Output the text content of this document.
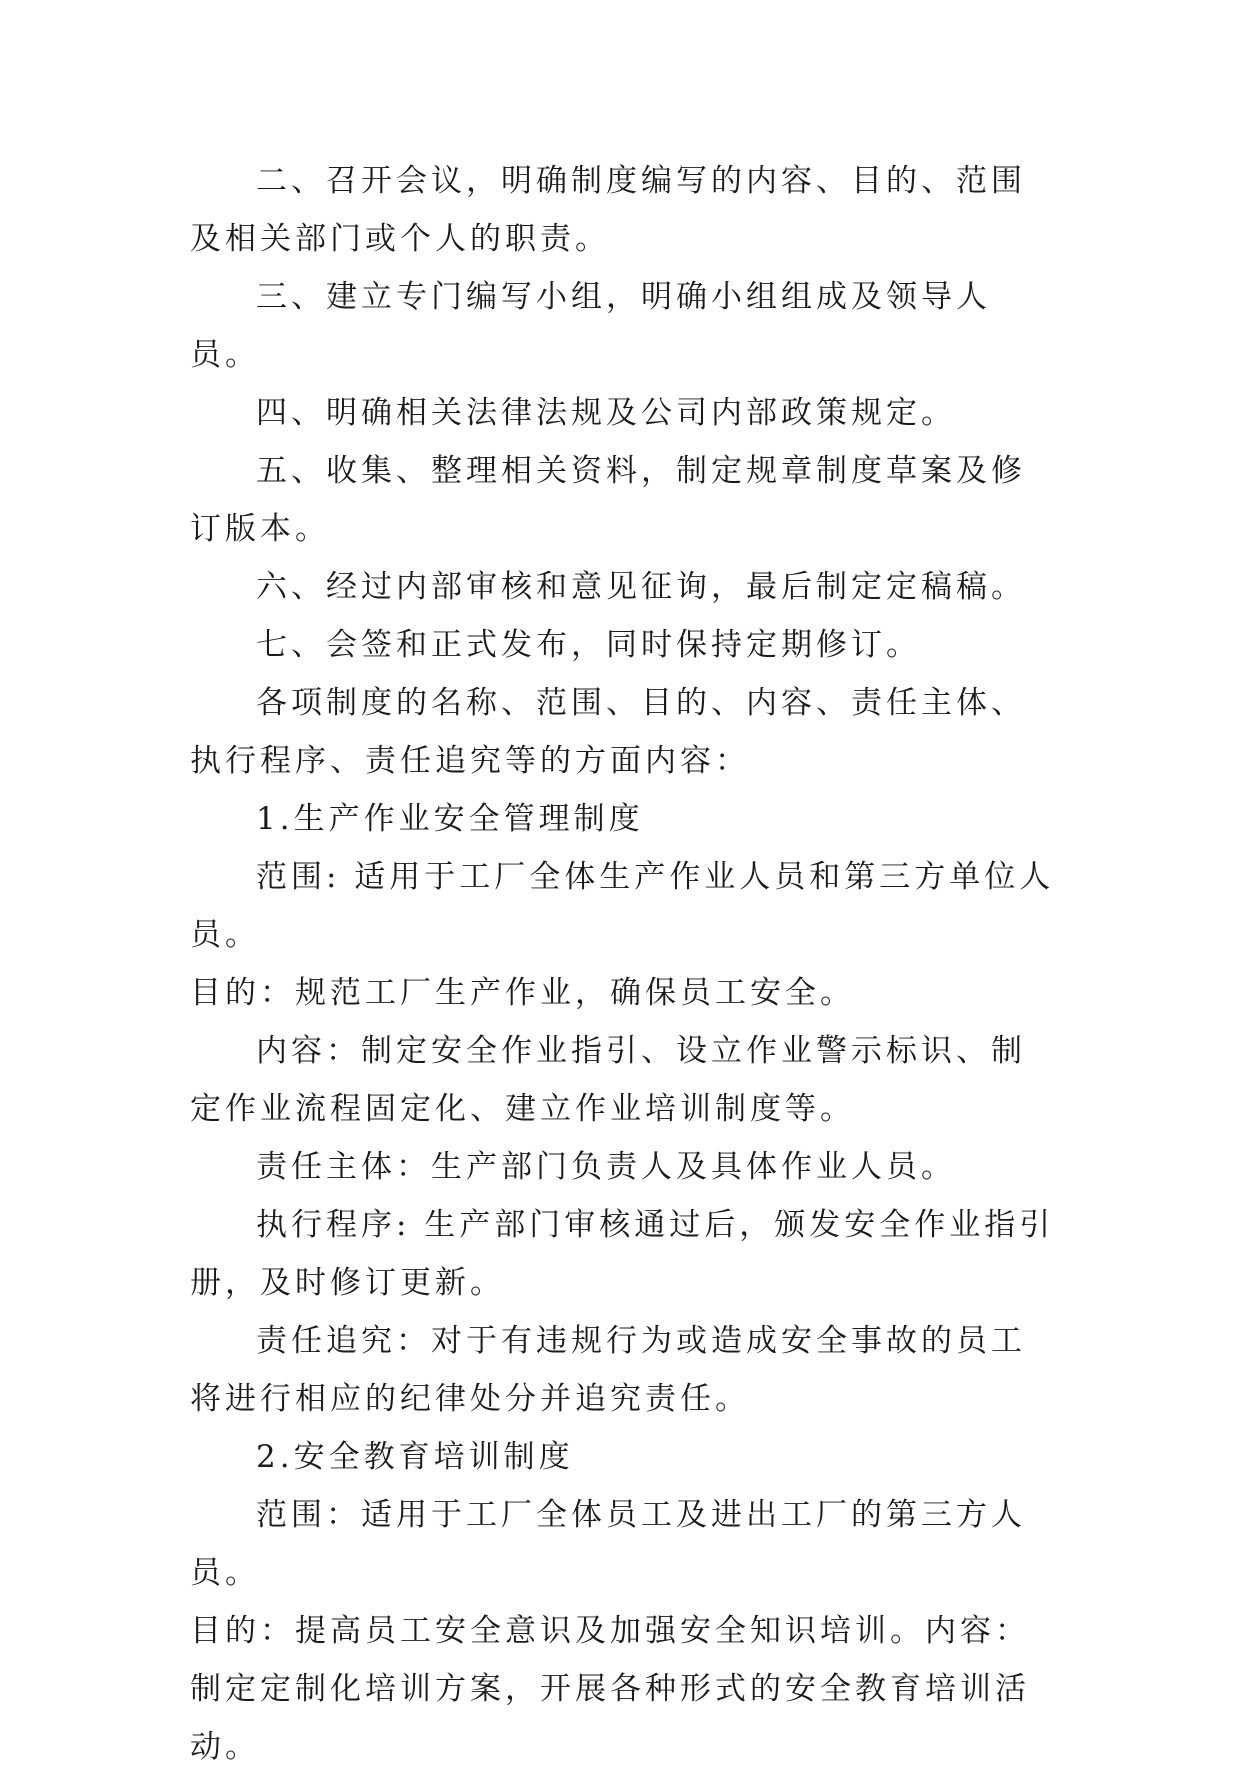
二、召开会议，明确制度编写的内容、目的、范围及相关部门或个人的职责。

三、建立专门编写小组，明确小组组成及领导人员。

四、明确相关法律法规及公司内部政策规定。

五、收集、整理相关资料，制定规章制度草案及修订版本。

六、经过内部审核和意见征询，最后制定定稿稿。

七、会签和正式发布，同时保持定期修订。

各项制度的名称、范围、目的、内容、责任主体、执行程序、责任追究等的方面内容：

1.生产作业安全管理制度

范围: 适用于工厂全体生产作业人员和第三方单位人员。

目的：规范工厂生产作业，确保员工安全。

内容：制定安全作业指引、设立作业警示标识、制定作业流程固定化、建立作业培训制度等。

责任主体：生产部门负责人及具体作业人员。

执行程序: 生产部门审核通过后，颁发安全作业指引册，及时修订更新。

责任追究：对于有违规行为或造成安全事故的员工将进行相应的纪律处分并追究责任。

2.安全教育培训制度

范围：适用于工厂全体员工及进出工厂的第三方人员。

目的：提高员工安全意识及加强安全知识培训。内容：制定定制化培训方案，开展各种形式的安全教育培训活动。
